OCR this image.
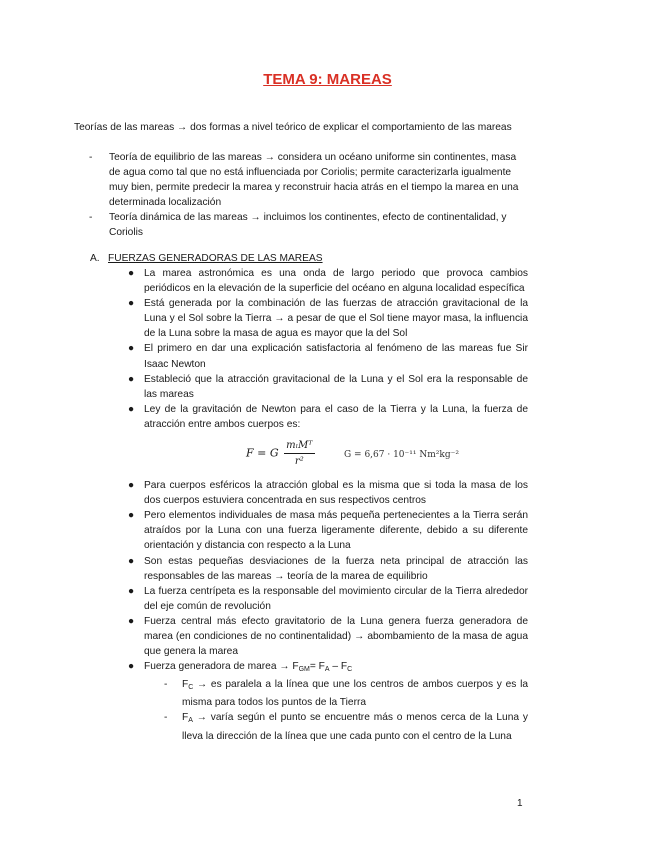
TEMA 9: MAREAS
Teorías de las mareas → dos formas a nivel teórico de explicar el comportamiento de las mareas
- Teoría de equilibrio de las mareas → considera un océano uniforme sin continentes, masa de agua como tal que no está influenciada por Coriolis; permite caracterizarla igualmente muy bien, permite predecir la marea y reconstruir hacia atrás en el tiempo la marea en una determinada localización
- Teoría dinámica de las mareas → incluimos los continentes, efecto de continentalidad, y Coriolis
A. FUERZAS GENERADORAS DE LAS MAREAS
● La marea astronómica es una onda de largo periodo que provoca cambios periódicos en la elevación de la superficie del océano en alguna localidad específica
● Está generada por la combinación de las fuerzas de atracción gravitacional de la Luna y el Sol sobre la Tierra → a pesar de que el Sol tiene mayor masa, la influencia de la Luna sobre la masa de agua es mayor que la del Sol
● El primero en dar una explicación satisfactoria al fenómeno de las mareas fue Sir Isaac Newton
● Estableció que la atracción gravitacional de la Luna y el Sol era la responsable de las mareas
● Ley de la gravitación de Newton para el caso de la Tierra y la Luna, la fuerza de atracción entre ambos cuerpos es:
F = G $\frac{\text{mₗMᵀ}}{\text{r²}}$	G = 6,67 · 10⁻¹¹ Nm²kg⁻²
● Para cuerpos esféricos la atracción global es la misma que si toda la masa de los dos cuerpos estuviera concentrada en sus respectivos centros
● Pero elementos individuales de masa más pequeña pertenecientes a la Tierra serán atraídos por la Luna con una fuerza ligeramente diferente, debido a su diferente orientación y distancia con respecto a la Luna
● Son estas pequeñas desviaciones de la fuerza neta principal de atracción las responsables de las mareas → teoría de la marea de equilibrio
● La fuerza centrípeta es la responsable del movimiento circular de la Tierra alrededor del eje común de revolución
● Fuerza central más efecto gravitatorio de la Luna genera fuerza generadora de marea (en condiciones de no continentalidad) → abombamiento de la masa de agua que genera la marea
● Fuerza generadora de marea → $F_{GM}= F_A - F_C$
- $F_C$ → es paralela a la línea que une los centros de ambos cuerpos y es la misma para todos los puntos de la Tierra
- $F_A$ → varía según el punto se encuentre más o menos cerca de la Luna y lleva la dirección de la línea que une cada punto con el centro de la Luna
1
